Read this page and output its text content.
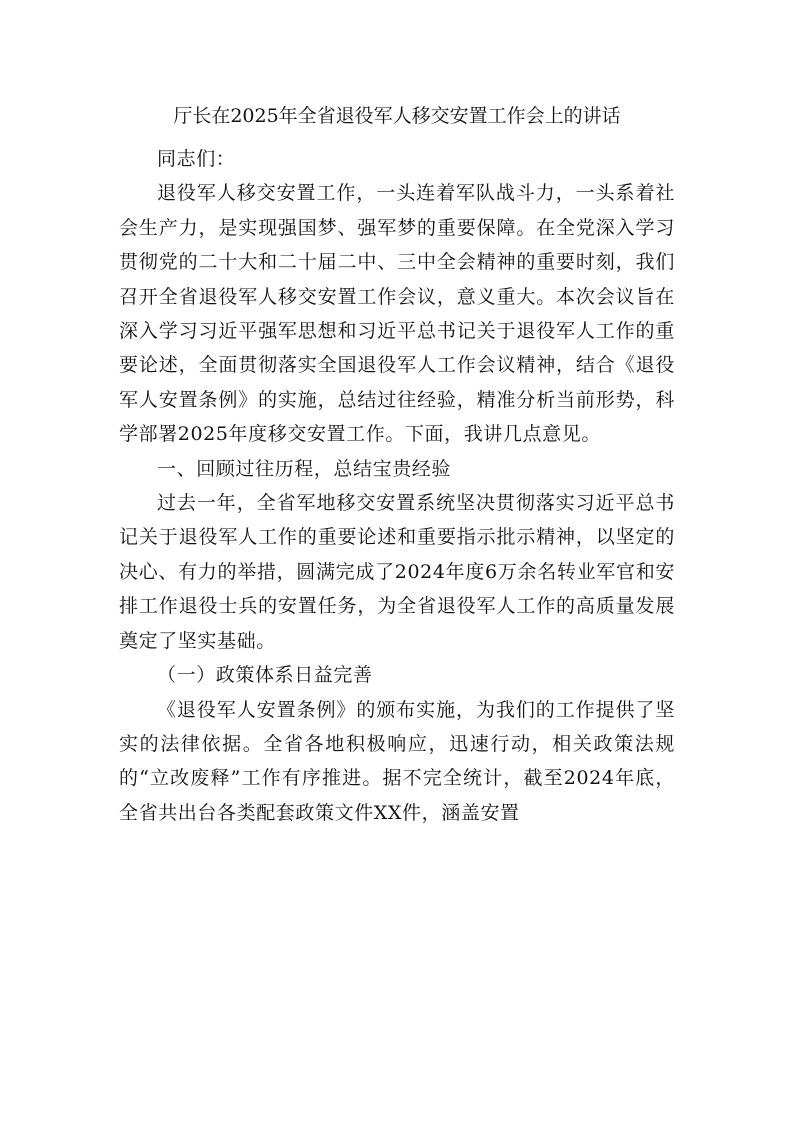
厅长在2025年全省退役军人移交安置工作会上的讲话

同志们：

退役军人移交安置工作，一头连着军队战斗力，一头系着社会生产力，是实现强国梦、强军梦的重要保障。在全党深入学习贯彻党的二十大和二十届二中、三中全会精神的重要时刻，我们召开全省退役军人移交安置工作会议，意义重大。本次会议旨在深入学习习近平强军思想和习近平总书记关于退役军人工作的重要论述，全面贯彻落实全国退役军人工作会议精神，结合《退役军人安置条例》的实施，总结过往经验，精准分析当前形势，科学部署2025年度移交安置工作。下面，我讲几点意见。

一、回顾过往历程，总结宝贵经验

过去一年，全省军地移交安置系统坚决贯彻落实习近平总书记关于退役军人工作的重要论述和重要指示批示精神，以坚定的决心、有力的举措，圆满完成了2024年度6万余名转业军官和安排工作退役士兵的安置任务，为全省退役军人工作的高质量发展奠定了坚实基础。

（一）政策体系日益完善

《退役军人安置条例》的颁布实施，为我们的工作提供了坚实的法律依据。全省各地积极响应，迅速行动，相关政策法规的“立改废释”工作有序推进。据不完全统计，截至2024年底，全省共出台各类配套政策文件XX件，涵盖安置
